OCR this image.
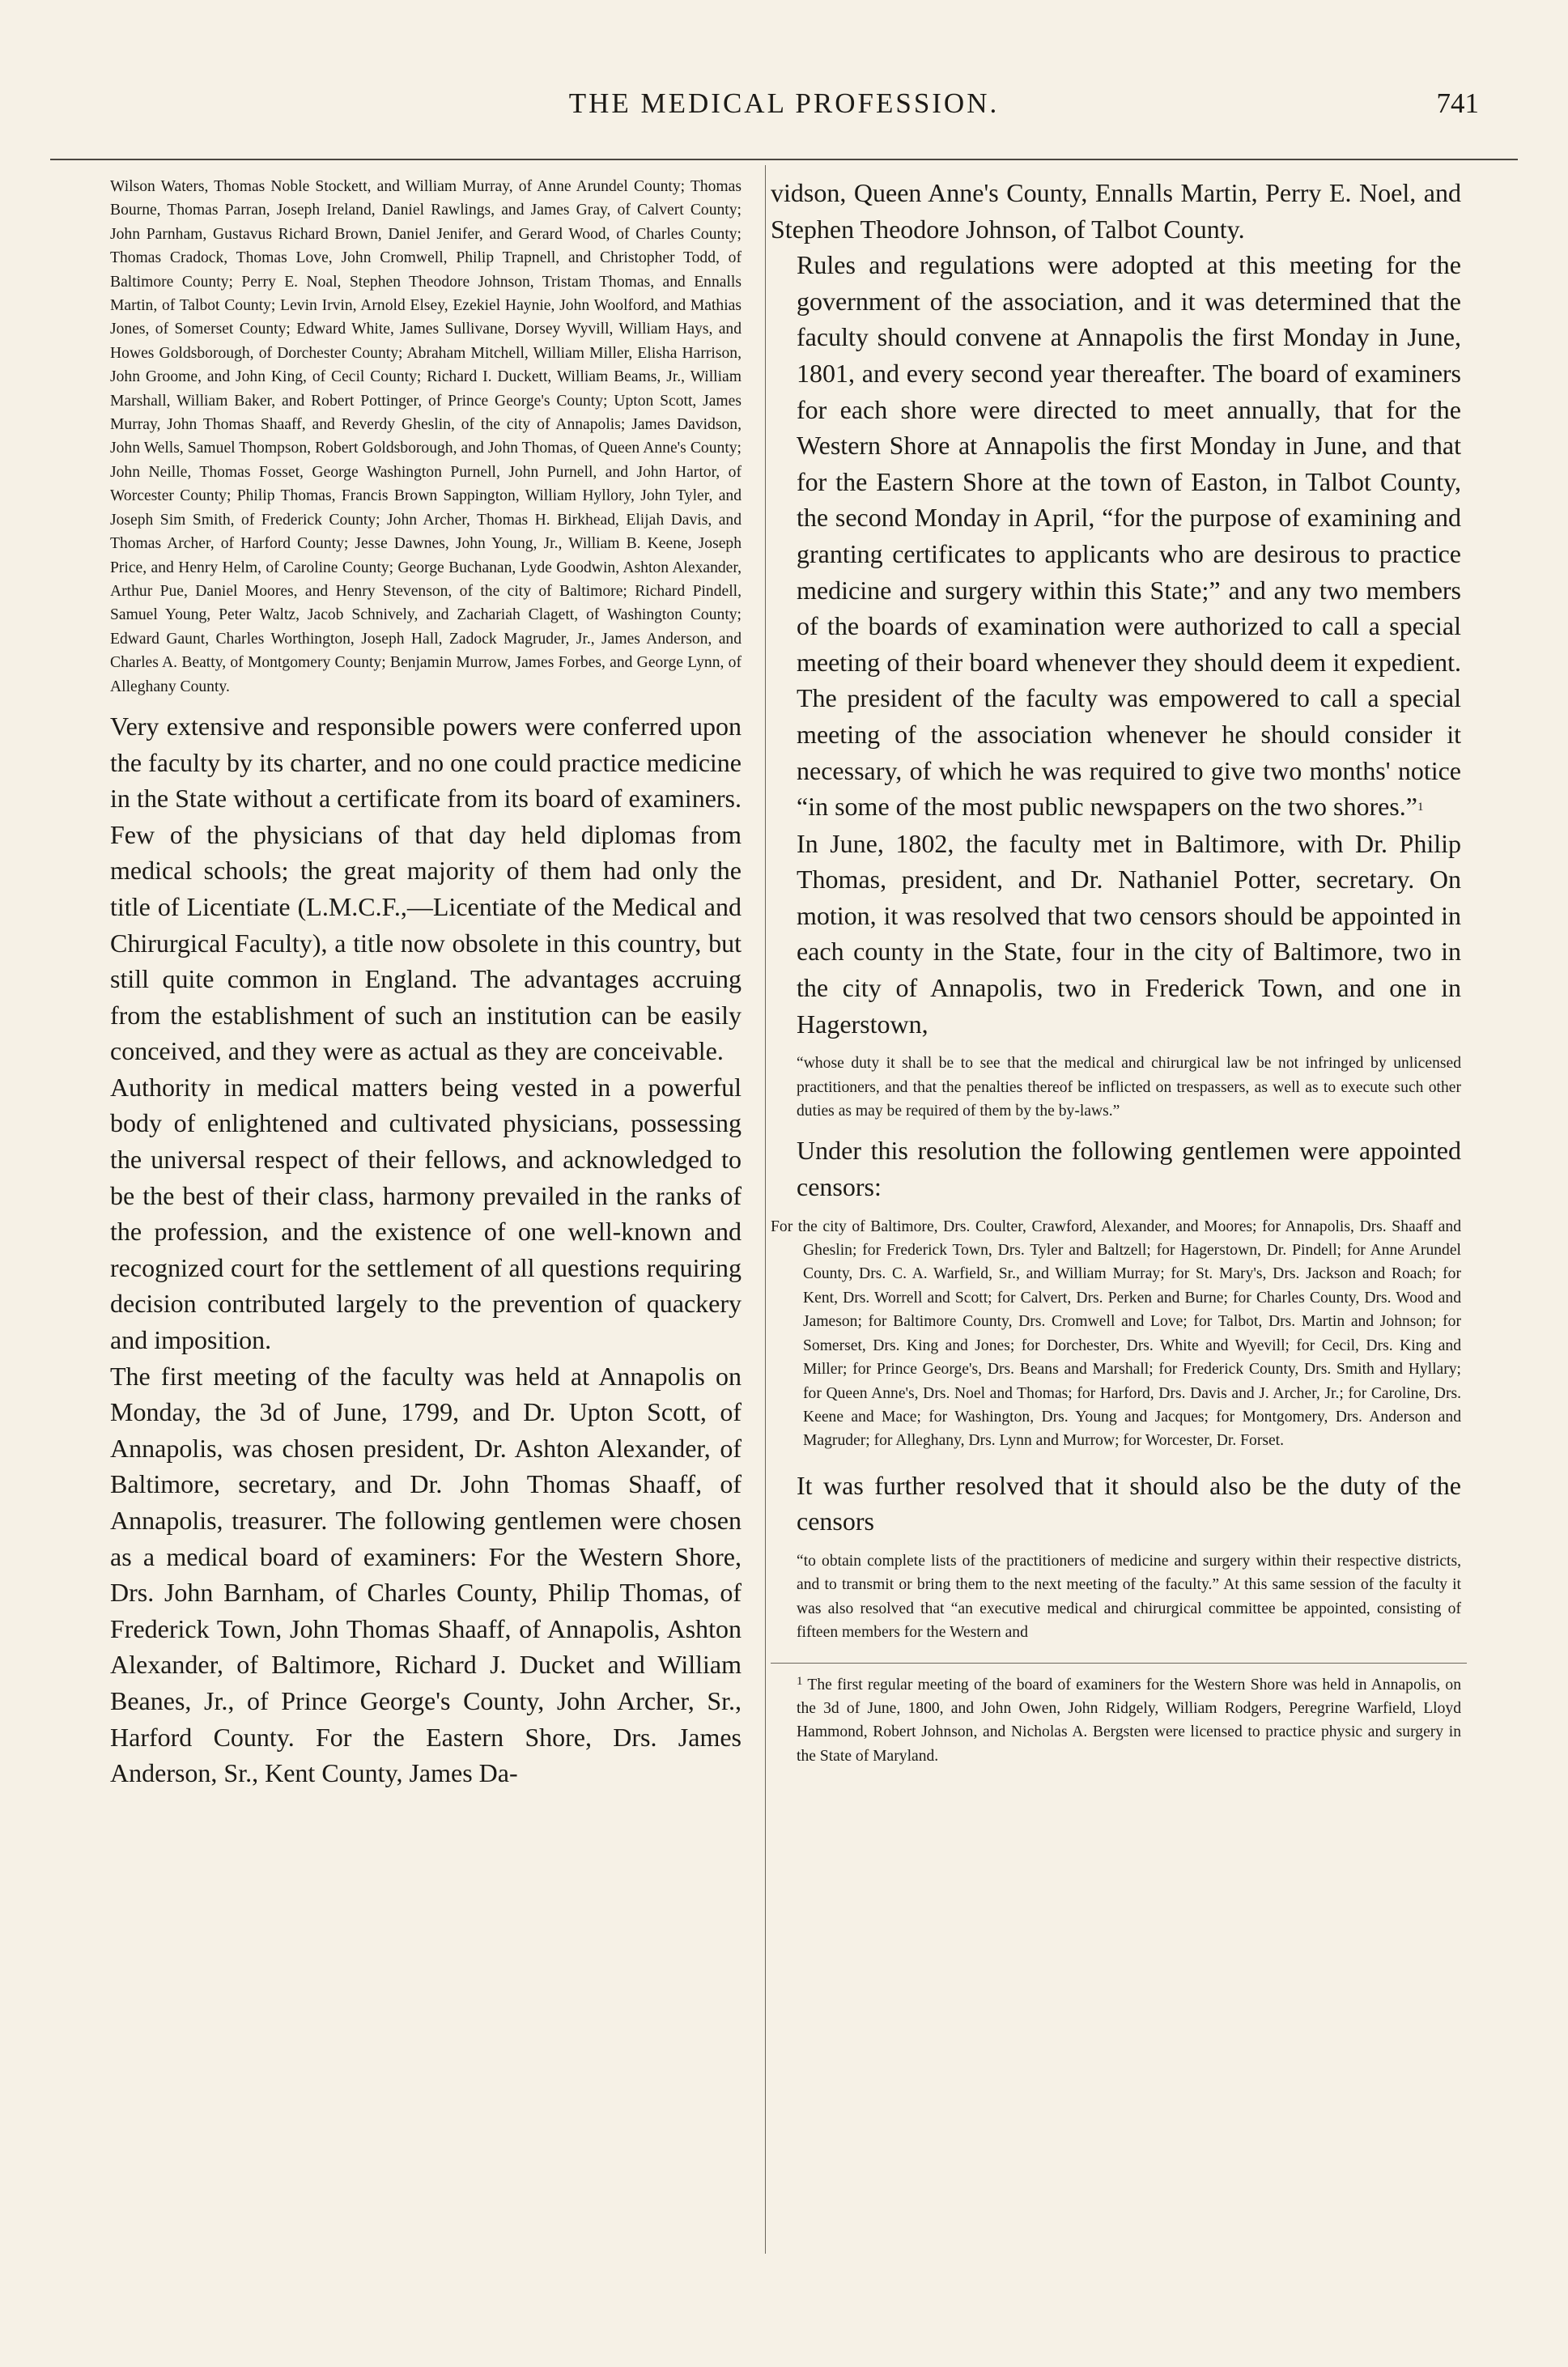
THE MEDICAL PROFESSION.	741

Wilson Waters, Thomas Noble Stockett, and William Murray, of Anne Arundel County; Thomas Bourne, Thomas Parran, Joseph Ireland, Daniel Rawlings, and James Gray, of Calvert County; John Parnham, Gustavus Richard Brown, Daniel Jenifer, and Gerard Wood, of Charles County; Thomas Cradock, Thomas Love, John Cromwell, Philip Trapnell, and Christopher Todd, of Baltimore County; Perry E. Noal, Stephen Theodore Johnson, Tristam Thomas, and Ennalls Martin, of Talbot County; Levin Irvin, Arnold Elsey, Ezekiel Haynie, John Woolford, and Mathias Jones, of Somerset County; Edward White, James Sullivane, Dorsey Wyvill, William Hays, and Howes Goldsborough, of Dorchester County; Abraham Mitchell, William Miller, Elisha Harrison, John Groome, and John King, of Cecil County; Richard I. Duckett, William Beams, Jr., William Marshall, William Baker, and Robert Pottinger, of Prince George's County; Upton Scott, James Murray, John Thomas Shaaff, and Reverdy Gheslin, of the city of Annapolis; James Davidson, John Wells, Samuel Thompson, Robert Goldsborough, and John Thomas, of Queen Anne's County; John Neille, Thomas Fosset, George Washington Purnell, John Purnell, and John Hartor, of Worcester County; Philip Thomas, Francis Brown Sappington, William Hyllory, John Tyler, and Joseph Sim Smith, of Frederick County; John Archer, Thomas H. Birkhead, Elijah Davis, and Thomas Archer, of Harford County; Jesse Dawnes, John Young, Jr., William B. Keene, Joseph Price, and Henry Helm, of Caroline County; George Buchanan, Lyde Goodwin, Ashton Alexander, Arthur Pue, Daniel Moores, and Henry Stevenson, of the city of Baltimore; Richard Pindell, Samuel Young, Peter Waltz, Jacob Schnively, and Zachariah Clagett, of Washington County; Edward Gaunt, Charles Worthington, Joseph Hall, Zadock Magruder, Jr., James Anderson, and Charles A. Beatty, of Montgomery County; Benjamin Murrow, James Forbes, and George Lynn, of Alleghany County.

Very extensive and responsible powers were conferred upon the faculty by its charter, and no one could practice medicine in the State without a certificate from its board of examiners. Few of the physicians of that day held diplomas from medical schools; the great majority of them had only the title of Licentiate (L.M.C.F.,—Licentiate of the Medical and Chirurgical Faculty), a title now obsolete in this country, but still quite common in England. The advantages accruing from the establishment of such an institution can be easily conceived, and they were as actual as they are conceivable.

Authority in medical matters being vested in a powerful body of enlightened and cultivated physicians, possessing the universal respect of their fellows, and acknowledged to be the best of their class, harmony prevailed in the ranks of the profession, and the existence of one well-known and recognized court for the settlement of all questions requiring decision contributed largely to the prevention of quackery and imposition.

The first meeting of the faculty was held at Annapolis on Monday, the 3d of June, 1799, and Dr. Upton Scott, of Annapolis, was chosen president, Dr. Ashton Alexander, of Baltimore, secretary, and Dr. John Thomas Shaaff, of Annapolis, treasurer. The following gentlemen were chosen as a medical board of examiners: For the Western Shore, Drs. John Barnham, of Charles County, Philip Thomas, of Frederick Town, John Thomas Shaaff, of Annapolis, Ashton Alexander, of Baltimore, Richard J. Ducket and William Beanes, Jr., of Prince George's County, John Archer, Sr., Harford County. For the Eastern Shore, Drs. James Anderson, Sr., Kent County, James Da-

vidson, Queen Anne's County, Ennalls Martin, Perry E. Noel, and Stephen Theodore Johnson, of Talbot County.

Rules and regulations were adopted at this meeting for the government of the association, and it was determined that the faculty should convene at Annapolis the first Monday in June, 1801, and every second year thereafter. The board of examiners for each shore were directed to meet annually, that for the Western Shore at Annapolis the first Monday in June, and that for the Eastern Shore at the town of Easton, in Talbot County, the second Monday in April, “for the purpose of examining and granting certificates to applicants who are desirous to practice medicine and surgery within this State;” and any two members of the boards of examination were authorized to call a special meeting of their board whenever they should deem it expedient. The president of the faculty was empowered to call a special meeting of the association whenever he should consider it necessary, of which he was required to give two months' notice “in some of the most public newspapers on the two shores.”1

In June, 1802, the faculty met in Baltimore, with Dr. Philip Thomas, president, and Dr. Nathaniel Potter, secretary. On motion, it was resolved that two censors should be appointed in each county in the State, four in the city of Baltimore, two in the city of Annapolis, two in Frederick Town, and one in Hagerstown,

“whose duty it shall be to see that the medical and chirurgical law be not infringed by unlicensed practitioners, and that the penalties thereof be inflicted on trespassers, as well as to execute such other duties as may be required of them by the by-laws.”

Under this resolution the following gentlemen were appointed censors:

For the city of Baltimore, Drs. Coulter, Crawford, Alexander, and Moores; for Annapolis, Drs. Shaaff and Gheslin; for Frederick Town, Drs. Tyler and Baltzell; for Hagerstown, Dr. Pindell; for Anne Arundel County, Drs. C. A. Warfield, Sr., and William Murray; for St. Mary's, Drs. Jackson and Roach; for Kent, Drs. Worrell and Scott; for Calvert, Drs. Perken and Burne; for Charles County, Drs. Wood and Jameson; for Baltimore County, Drs. Cromwell and Love; for Talbot, Drs. Martin and Johnson; for Somerset, Drs. King and Jones; for Dorchester, Drs. White and Wyevill; for Cecil, Drs. King and Miller; for Prince George's, Drs. Beans and Marshall; for Frederick County, Drs. Smith and Hyllary; for Queen Anne's, Drs. Noel and Thomas; for Harford, Drs. Davis and J. Archer, Jr.; for Caroline, Drs. Keene and Mace; for Washington, Drs. Young and Jacques; for Montgomery, Drs. Anderson and Magruder; for Alleghany, Drs. Lynn and Murrow; for Worcester, Dr. Forset.

It was further resolved that it should also be the duty of the censors

“to obtain complete lists of the practitioners of medicine and surgery within their respective districts, and to transmit or bring them to the next meeting of the faculty.” At this same session of the faculty it was also resolved that “an executive medical and chirurgical committee be appointed, consisting of fifteen members for the Western and

$^1$ The first regular meeting of the board of examiners for the Western Shore was held in Annapolis, on the 3d of June, 1800, and John Owen, John Ridgely, William Rodgers, Peregrine Warfield, Lloyd Hammond, Robert Johnson, and Nicholas A. Bergsten were licensed to practice physic and surgery in the State of Maryland.
